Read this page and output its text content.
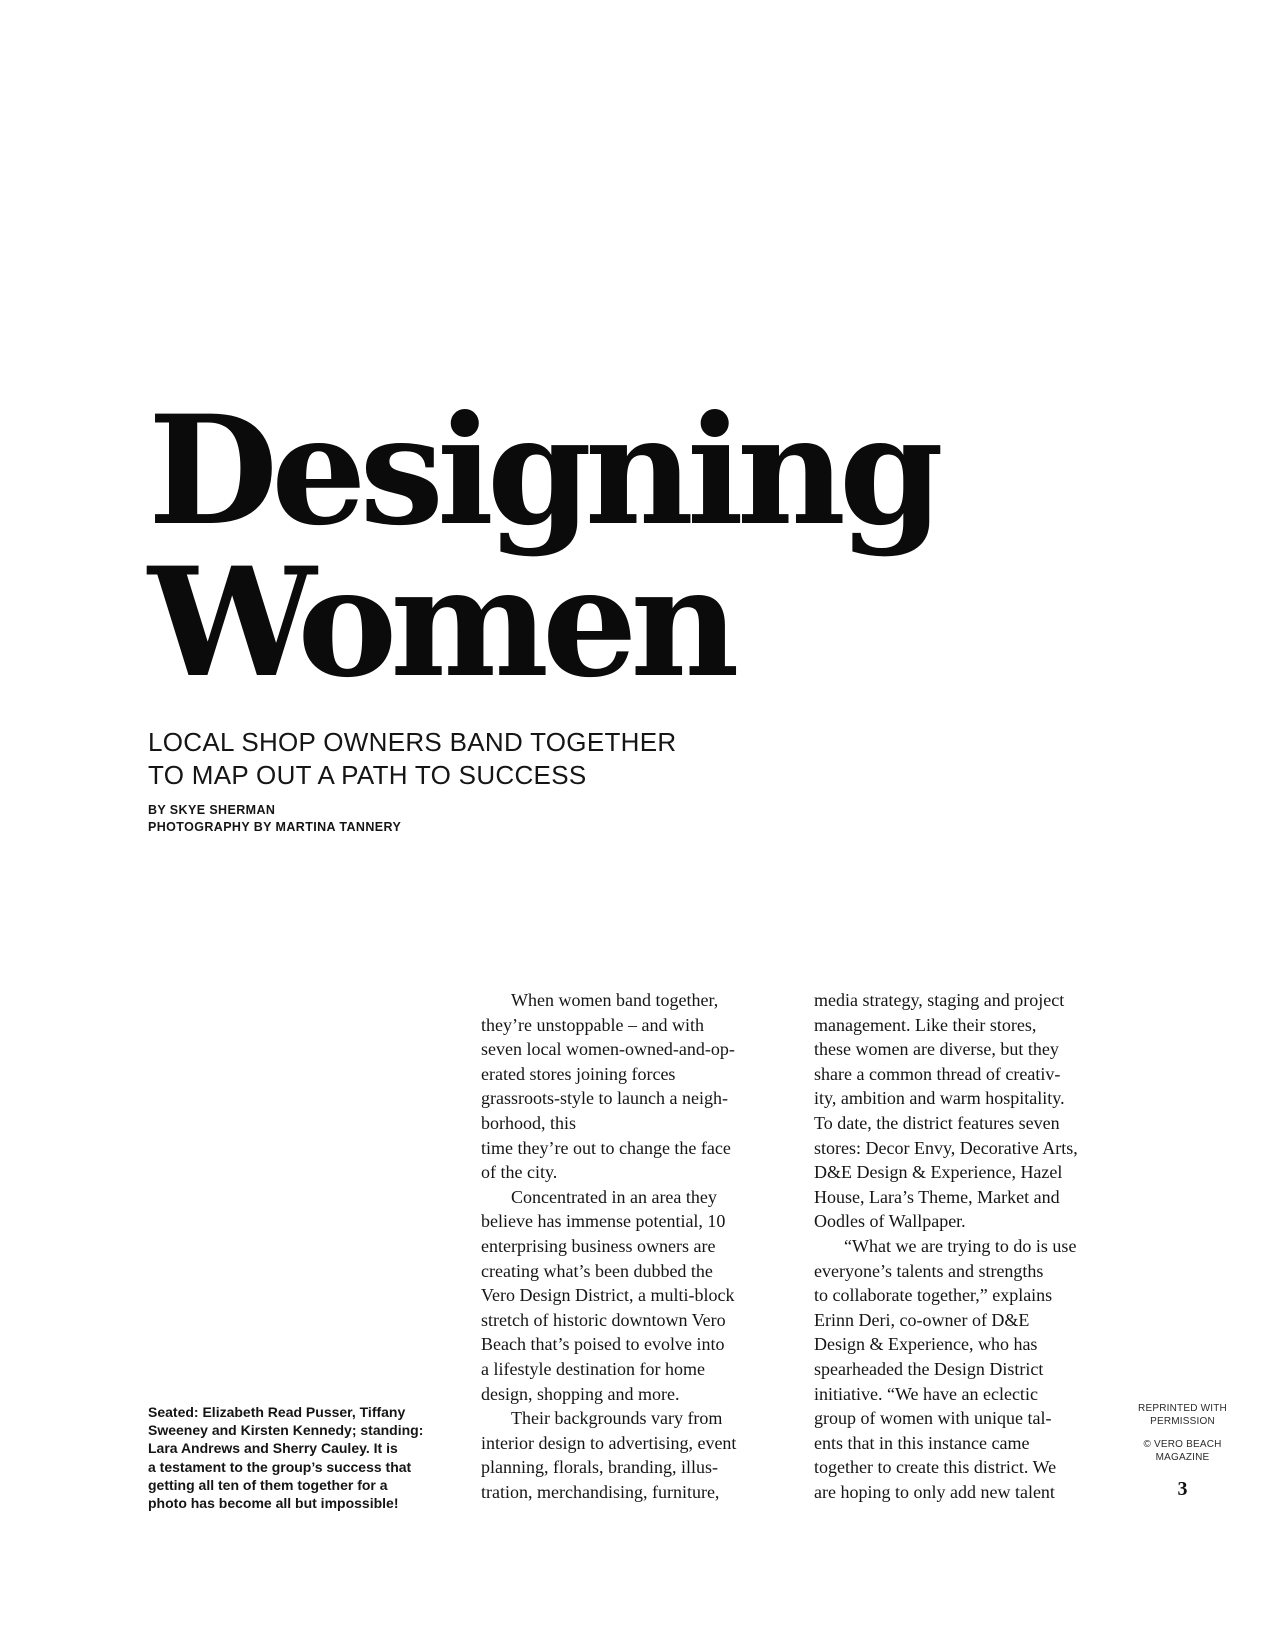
Designing
Women
LOCAL SHOP OWNERS BAND TOGETHER
TO MAP OUT A PATH TO SUCCESS
BY SKYE SHERMAN
PHOTOGRAPHY BY MARTINA TANNERY
Seated: Elizabeth Read Pusser, Tiffany
Sweeney and Kirsten Kennedy; standing:
Lara Andrews and Sherry Cauley. It is
a testament to the group’s success that
getting all ten of them together for a
photo has become all but impossible!
When women band together,
they’re unstoppable – and with
seven local women-owned-and-op-
erated stores joining forces
grassroots-style to launch a neigh-
borhood, this
time they’re out to change the face
of the city.
Concentrated in an area they
believe has immense potential, 10
enterprising business owners are
creating what’s been dubbed the
Vero Design District, a multi-block
stretch of historic downtown Vero
Beach that’s poised to evolve into
a lifestyle destination for home
design, shopping and more.
Their backgrounds vary from
interior design to advertising, event
planning, florals, branding, illus-
tration, merchandising, furniture,
media strategy, staging and project
management. Like their stores,
these women are diverse, but they
share a common thread of creativ-
ity, ambition and warm hospitality.
To date, the district features seven
stores: Decor Envy, Decorative Arts,
D&E Design & Experience, Hazel
House, Lara’s Theme, Market and
Oodles of Wallpaper.
“What we are trying to do is use
everyone’s talents and strengths
to collaborate together,” explains
Erinn Deri, co-owner of D&E
Design & Experience, who has
spearheaded the Design District
initiative. “We have an eclectic
group of women with unique tal-
ents that in this instance came
together to create this district. We
are hoping to only add new talent
REPRINTED WITH
PERMISSION
© VERO BEACH
MAGAZINE
3
